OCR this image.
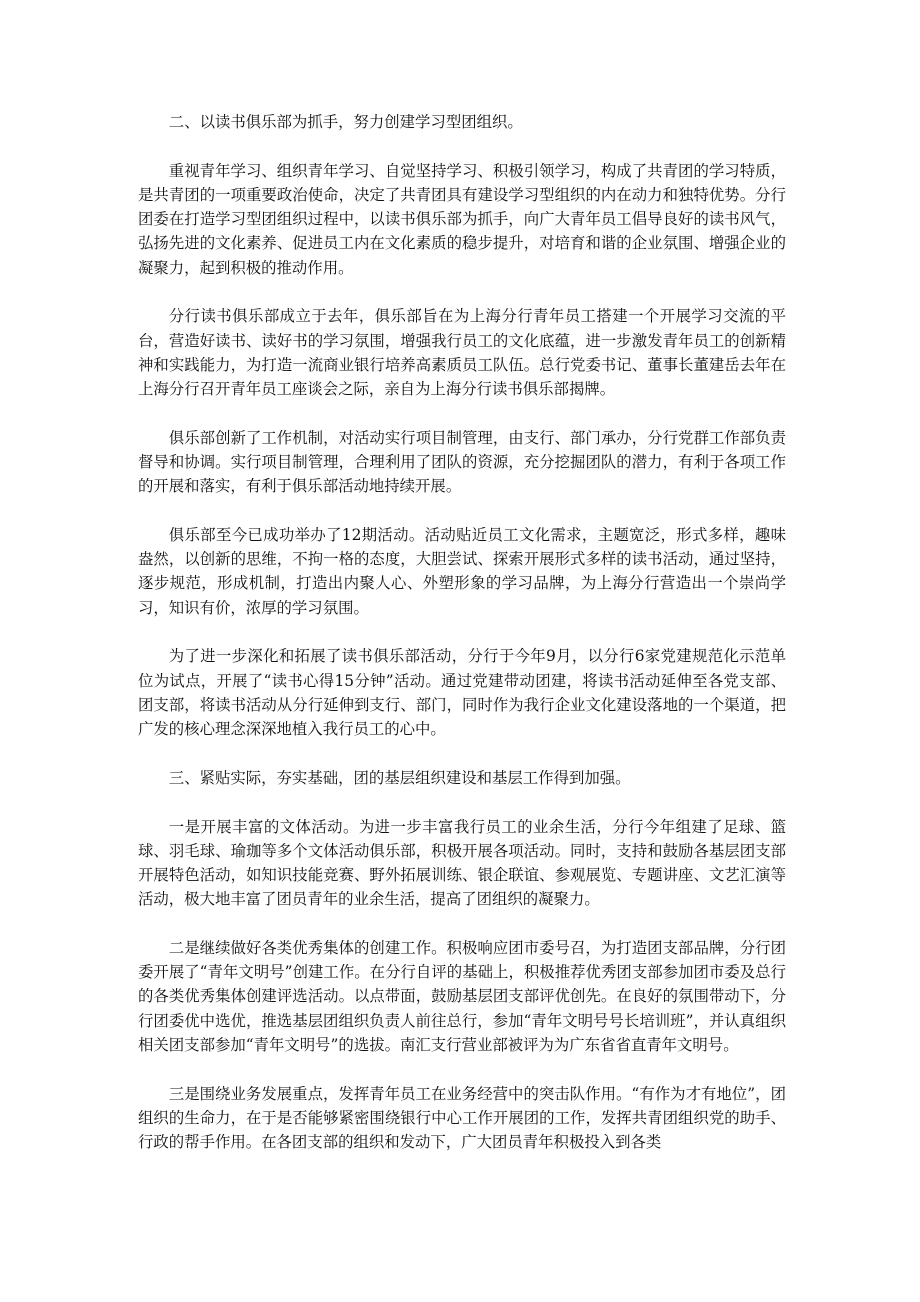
二、以读书俱乐部为抓手，努力创建学习型团组织。

重视青年学习、组织青年学习、自觉坚持学习、积极引领学习，构成了共青团的学习特质，是共青团的一项重要政治使命，决定了共青团具有建设学习型组织的内在动力和独特优势。分行团委在打造学习型团组织过程中，以读书俱乐部为抓手，向广大青年员工倡导良好的读书风气，弘扬先进的文化素养、促进员工内在文化素质的稳步提升，对培育和谐的企业氛围、增强企业的凝聚力，起到积极的推动作用。

分行读书俱乐部成立于去年，俱乐部旨在为上海分行青年员工搭建一个开展学习交流的平台，营造好读书、读好书的学习氛围，增强我行员工的文化底蕴，进一步激发青年员工的创新精神和实践能力，为打造一流商业银行培养高素质员工队伍。总行党委书记、董事长董建岳去年在上海分行召开青年员工座谈会之际，亲自为上海分行读书俱乐部揭牌。

俱乐部创新了工作机制，对活动实行项目制管理，由支行、部门承办，分行党群工作部负责督导和协调。实行项目制管理，合理利用了团队的资源，充分挖掘团队的潜力，有利于各项工作的开展和落实，有利于俱乐部活动地持续开展。

俱乐部至今已成功举办了12期活动。活动贴近员工文化需求，主题宽泛，形式多样，趣味盎然，以创新的思维，不拘一格的态度，大胆尝试、探索开展形式多样的读书活动，通过坚持，逐步规范，形成机制，打造出内聚人心、外塑形象的学习品牌，为上海分行营造出一个崇尚学习，知识有价，浓厚的学习氛围。

为了进一步深化和拓展了读书俱乐部活动，分行于今年9月，以分行6家党建规范化示范单位为试点，开展了“读书心得15分钟”活动。通过党建带动团建，将读书活动延伸至各党支部、团支部，将读书活动从分行延伸到支行、部门，同时作为我行企业文化建设落地的一个渠道，把广发的核心理念深深地植入我行员工的心中。

三、紧贴实际，夯实基础，团的基层组织建设和基层工作得到加强。

一是开展丰富的文体活动。为进一步丰富我行员工的业余生活，分行今年组建了足球、篮球、羽毛球、瑜珈等多个文体活动俱乐部，积极开展各项活动。同时，支持和鼓励各基层团支部开展特色活动，如知识技能竞赛、野外拓展训练、银企联谊、参观展览、专题讲座、文艺汇演等活动，极大地丰富了团员青年的业余生活，提高了团组织的凝聚力。

二是继续做好各类优秀集体的创建工作。积极响应团市委号召，为打造团支部品牌，分行团委开展了“青年文明号”创建工作。在分行自评的基础上，积极推荐优秀团支部参加团市委及总行的各类优秀集体创建评选活动。以点带面，鼓励基层团支部评优创先。在良好的氛围带动下，分行团委优中选优，推选基层团组织负责人前往总行，参加“青年文明号号长培训班”，并认真组织相关团支部参加“青年文明号”的选拔。南汇支行营业部被评为为广东省省直青年文明号。

三是围绕业务发展重点，发挥青年员工在业务经营中的突击队作用。“有作为才有地位”，团组织的生命力，在于是否能够紧密围绕银行中心工作开展团的工作，发挥共青团组织党的助手、行政的帮手作用。在各团支部的组织和发动下，广大团员青年积极投入到各类
